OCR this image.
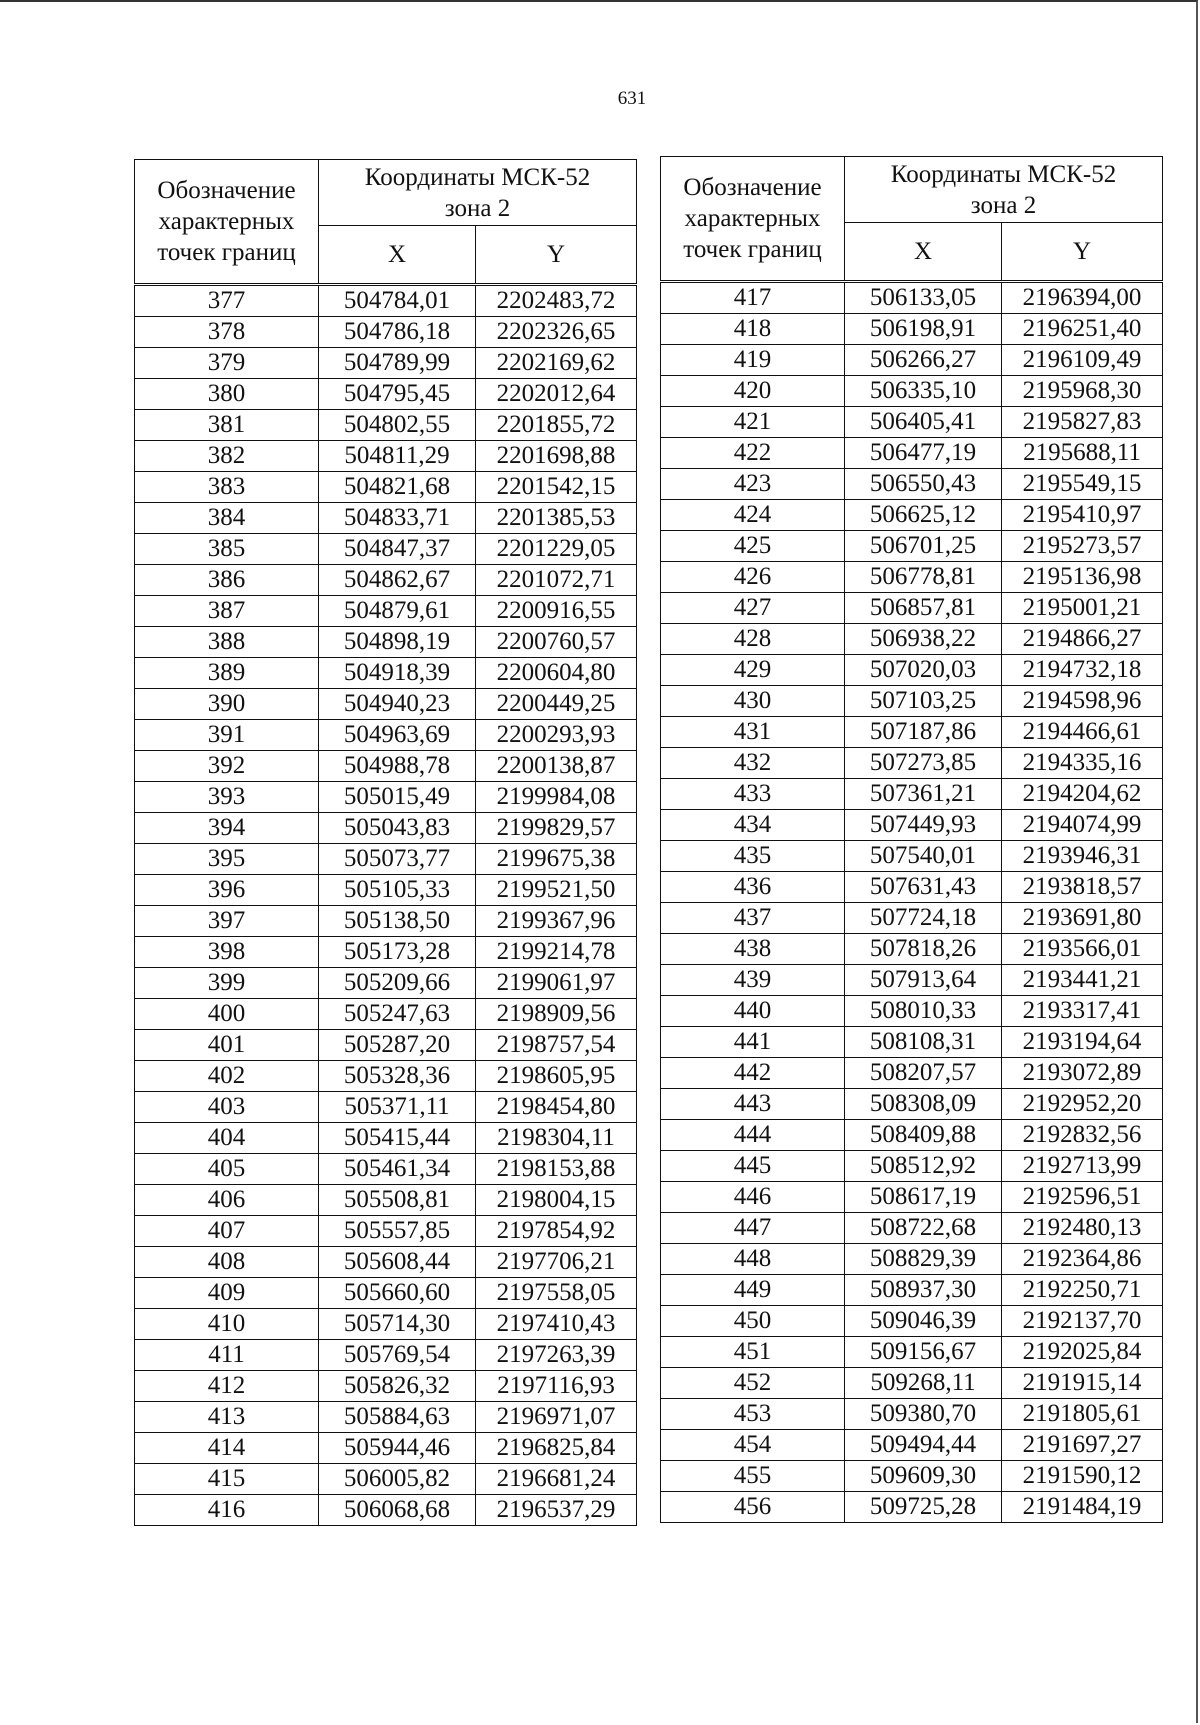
631
Обозначение
характерных
точек границ	Координаты МСК-52
зона 2	

	X	Y
377	504784,01	2202483,72
378	504786,18	2202326,65
379	504789,99	2202169,62
380	504795,45	2202012,64
381	504802,55	2201855,72
382	504811,29	2201698,88
383	504821,68	2201542,15
384	504833,71	2201385,53
385	504847,37	2201229,05
386	504862,67	2201072,71
387	504879,61	2200916,55
388	504898,19	2200760,57
389	504918,39	2200604,80
390	504940,23	2200449,25
391	504963,69	2200293,93
392	504988,78	2200138,87
393	505015,49	2199984,08
394	505043,83	2199829,57
395	505073,77	2199675,38
396	505105,33	2199521,50
397	505138,50	2199367,96
398	505173,28	2199214,78
399	505209,66	2199061,97
400	505247,63	2198909,56
401	505287,20	2198757,54
402	505328,36	2198605,95
403	505371,11	2198454,80
404	505415,44	2198304,11
405	505461,34	2198153,88
406	505508,81	2198004,15
407	505557,85	2197854,92
408	505608,44	2197706,21
409	505660,60	2197558,05
410	505714,30	2197410,43
411	505769,54	2197263,39
412	505826,32	2197116,93
413	505884,63	2196971,07
414	505944,46	2196825,84
415	506005,82	2196681,24
416	506068,68	2196537,29
Обозначение
характерных
точек границ	Координаты МСК-52
зона 2	

	X	Y
417	506133,05	2196394,00
418	506198,91	2196251,40
419	506266,27	2196109,49
420	506335,10	2195968,30
421	506405,41	2195827,83
422	506477,19	2195688,11
423	506550,43	2195549,15
424	506625,12	2195410,97
425	506701,25	2195273,57
426	506778,81	2195136,98
427	506857,81	2195001,21
428	506938,22	2194866,27
429	507020,03	2194732,18
430	507103,25	2194598,96
431	507187,86	2194466,61
432	507273,85	2194335,16
433	507361,21	2194204,62
434	507449,93	2194074,99
435	507540,01	2193946,31
436	507631,43	2193818,57
437	507724,18	2193691,80
438	507818,26	2193566,01
439	507913,64	2193441,21
440	508010,33	2193317,41
441	508108,31	2193194,64
442	508207,57	2193072,89
443	508308,09	2192952,20
444	508409,88	2192832,56
445	508512,92	2192713,99
446	508617,19	2192596,51
447	508722,68	2192480,13
448	508829,39	2192364,86
449	508937,30	2192250,71
450	509046,39	2192137,70
451	509156,67	2192025,84
452	509268,11	2191915,14
453	509380,70	2191805,61
454	509494,44	2191697,27
455	509609,30	2191590,12
456	509725,28	2191484,19
